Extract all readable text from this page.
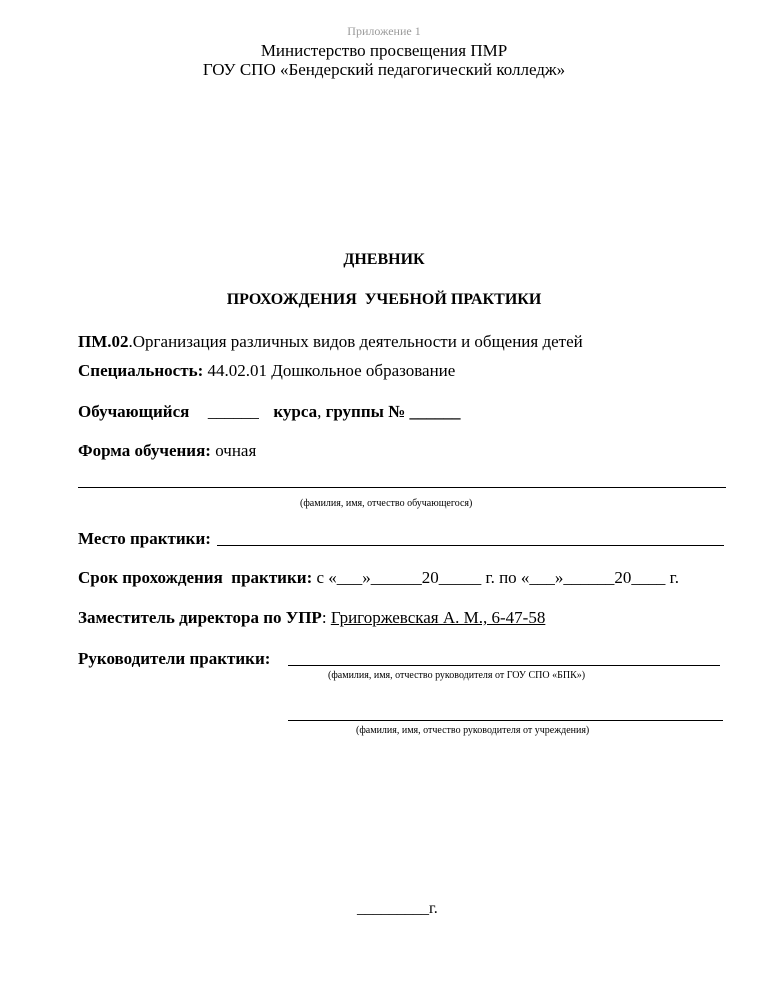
Приложение 1
Министерство просвещения ПМР
ГОУ СПО «Бендерский педагогический колледж»
ДНЕВНИК
ПРОХОЖДЕНИЯ  УЧЕБНОЙ ПРАКТИКИ
ПМ.02.Организация различных видов деятельности и общения детей
Специальность: 44.02.01 Дошкольное образование
Обучающийся ______ курса, группы № ______
Форма обучения: очная
(фамилия, имя, отчество обучающегося)
Место практики:
Срок прохождения  практики: с «___»______20_____ г. по «___»______20____ г.
Заместитель директора по УПР: Григоржевская А. М., 6-47-58
Руководители практики:
(фамилия, имя, отчество руководителя от ГОУ СПО «БПК»)
(фамилия, имя, отчество руководителя от учреждения)
_________г.
